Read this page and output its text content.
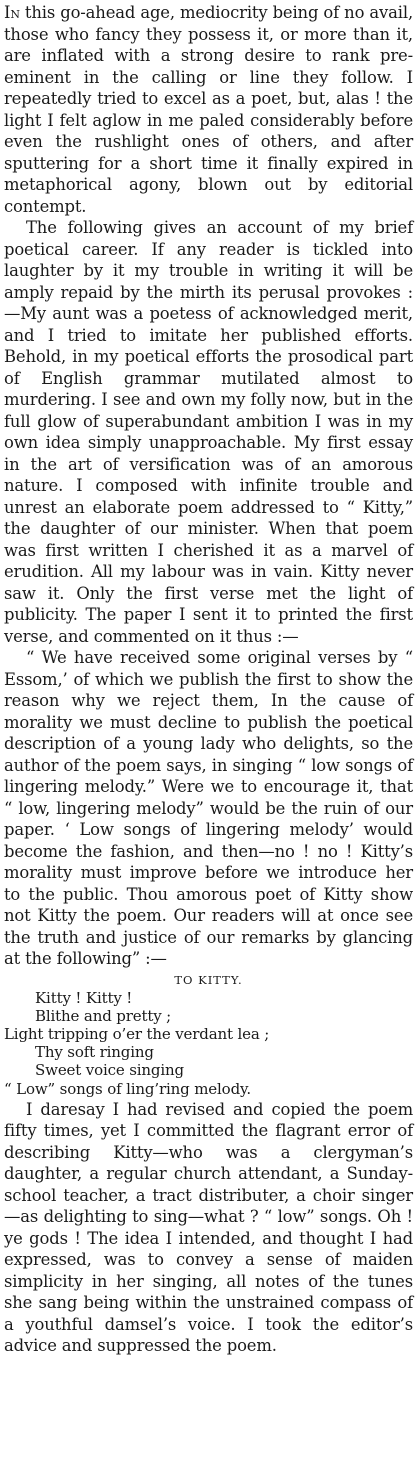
In this go-ahead age, mediocrity being of no avail, those who fancy they possess it, or more than it, are inflated with a strong desire to rank pre-eminent in the calling or line they follow. I repeatedly tried to excel as a poet, but, alas ! the light I felt aglow in me paled considerably before even the rushlight ones of others, and after sputtering for a short time it finally expired in metaphorical agony, blown out by editorial contempt.

The following gives an account of my brief poetical career. If any reader is tickled into laughter by it my trouble in writing it will be amply repaid by the mirth its perusal provokes :—My aunt was a poetess of acknowledged merit, and I tried to imitate her published efforts. Behold, in my poetical efforts the prosodical part of English grammar mutilated almost to murdering. I see and own my folly now, but in the full glow of superabundant ambition I was in my own idea simply unapproachable. My first essay in the art of versification was of an amorous nature. I composed with infinite trouble and unrest an elaborate poem addressed to “ Kitty,” the daughter of our minister. When that poem was first written I cherished it as a marvel of erudition. All my labour was in vain. Kitty never saw it. Only the first verse met the light of publicity. The paper I sent it to printed the first verse, and commented on it thus :—

“ We have received some original verses by “ Essom,’ of which we publish the first to show the reason why we reject them, In the cause of morality we must decline to publish the poetical description of a young lady who delights, so the author of the poem says, in singing “ low songs of lingering melody.” Were we to encourage it, that “ low, lingering melody” would be the ruin of our paper. ‘ Low songs of lingering melody’ would become the fashion, and then—no ! no ! Kitty’s morality must improve before we introduce her to the public. Thou amorous poet of Kitty show not Kitty the poem. Our readers will at once see the truth and justice of our remarks by glancing at the following” :—

TO KITTY.
Kitty ! Kitty !
Blithe and pretty ;
Light tripping o’er the verdant lea ;
Thy soft ringing
Sweet voice singing
“ Low” songs of ling’ring melody.

I daresay I had revised and copied the poem fifty times, yet I committed the flagrant error of describing Kitty—who was a clergyman’s daughter, a regular church attendant, a Sunday-school teacher, a tract distributer, a choir singer—as delighting to sing—what ? “ low” songs. Oh ! ye gods ! The idea I intended, and thought I had expressed, was to convey a sense of maiden simplicity in her singing, all notes of the tunes she sang being within the unstrained compass of a youthful damsel’s voice. I took the editor’s advice and suppressed the poem.
